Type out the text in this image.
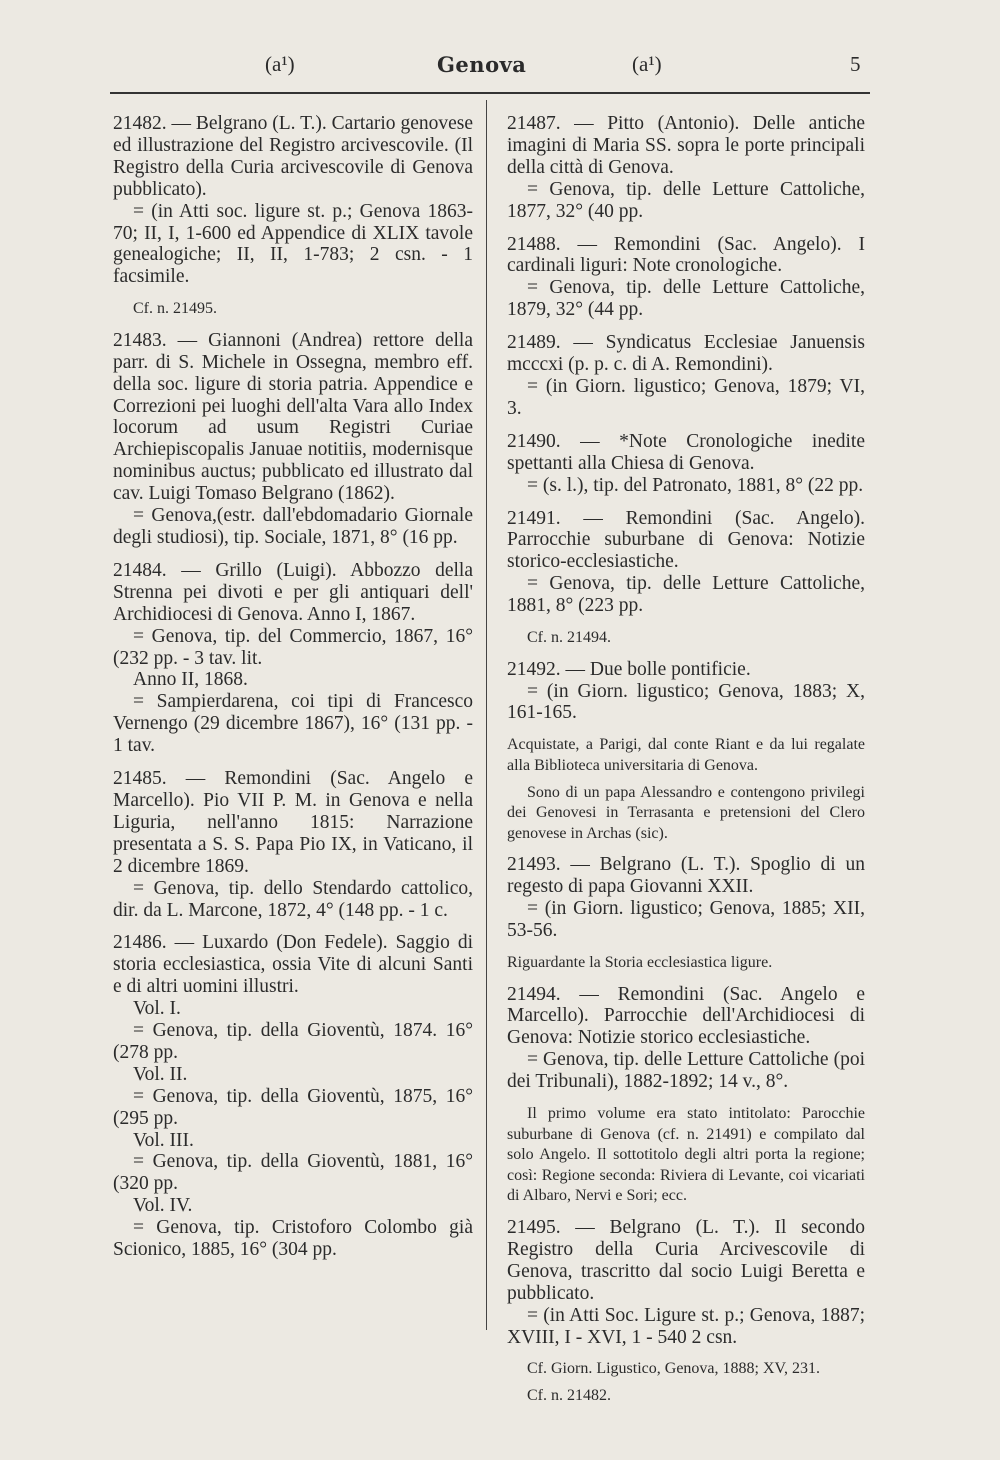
(a¹)	Genova	(a¹)	5

21482. — Belgrano (L. T.). Cartario genovese ed illustrazione del Registro arcivescovile. (Il Registro della Curia arcivescovile di Genova pubblicato).

= (in Atti soc. ligure st. p.; Genova 1863-70; II, I, 1-600 ed Appendice di XLIX tavole genealogiche; II, II, 1-783; 2 csn. - 1 facsimile.

Cf. n. 21495.

21483. — Giannoni (Andrea) rettore della parr. di S. Michele in Ossegna, membro eff. della soc. ligure di storia patria. Appendice e Correzioni pei luoghi dell'alta Vara allo Index locorum ad usum Registri Curiae Archiepiscopalis Januae notitiis, modernisque nominibus auctus; pubblicato ed illustrato dal cav. Luigi Tomaso Belgrano (1862).

= Genova,(estr. dall'ebdomadario Giornale degli studiosi), tip. Sociale, 1871, 8° (16 pp.

21484. — Grillo (Luigi). Abbozzo della Strenna pei divoti e per gli antiquari dell' Archidiocesi di Genova. Anno I, 1867.

= Genova, tip. del Commercio, 1867, 16° (232 pp. - 3 tav. lit.

Anno II, 1868.

= Sampierdarena, coi tipi di Francesco Vernengo (29 dicembre 1867), 16° (131 pp. - 1 tav.

21485. — Remondini (Sac. Angelo e Marcello). Pio VII P. M. in Genova e nella Liguria, nell'anno 1815: Narrazione presentata a S. S. Papa Pio IX, in Vaticano, il 2 dicembre 1869.

= Genova, tip. dello Stendardo cattolico, dir. da L. Marcone, 1872, 4° (148 pp. - 1 c.

21486. — Luxardo (Don Fedele). Saggio di storia ecclesiastica, ossia Vite di alcuni Santi e di altri uomini illustri.

Vol. I.

= Genova, tip. della Gioventù, 1874. 16° (278 pp.

Vol. II.

= Genova, tip. della Gioventù, 1875, 16° (295 pp.

Vol. III.

= Genova, tip. della Gioventù, 1881, 16° (320 pp.

Vol. IV.

= Genova, tip. Cristoforo Colombo già Scionico, 1885, 16° (304 pp.

21487. — Pitto (Antonio). Delle antiche imagini di Maria SS. sopra le porte principali della città di Genova.

= Genova, tip. delle Letture Cattoliche, 1877, 32° (40 pp.

21488. — Remondini (Sac. Angelo). I cardinali liguri: Note cronologiche.

= Genova, tip. delle Letture Cattoliche, 1879, 32° (44 pp.

21489. — Syndicatus Ecclesiae Januensis mcccxi (p. p. c. di A. Remondini).

= (in Giorn. ligustico; Genova, 1879; VI, 3.

21490. — *Note Cronologiche inedite spettanti alla Chiesa di Genova.

= (s. l.), tip. del Patronato, 1881, 8° (22 pp.

21491. — Remondini (Sac. Angelo). Parrocchie suburbane di Genova: Notizie storico-ecclesiastiche.

= Genova, tip. delle Letture Cattoliche, 1881, 8° (223 pp.

Cf. n. 21494.

21492. — Due bolle pontificie.

= (in Giorn. ligustico; Genova, 1883; X, 161-165.

Acquistate, a Parigi, dal conte Riant e da lui regalate alla Biblioteca universitaria di Genova.
Sono di un papa Alessandro e contengono privilegi dei Genovesi in Terrasanta e pretensioni del Clero genovese in Archas (sic).

21493. — Belgrano (L. T.). Spoglio di un regesto di papa Giovanni XXII.

= (in Giorn. ligustico; Genova, 1885; XII, 53-56.

Riguardante la Storia ecclesiastica ligure.

21494. — Remondini (Sac. Angelo e Marcello). Parrocchie dell'Archidiocesi di Genova: Notizie storico ecclesiastiche.

= Genova, tip. delle Letture Cattoliche (poi dei Tribunali), 1882-1892; 14 v., 8°.

Il primo volume era stato intitolato: Parocchie suburbane di Genova (cf. n. 21491) e compilato dal solo Angelo. Il sottotitolo degli altri porta la regione; così: Regione seconda: Riviera di Levante, coi vicariati di Albaro, Nervi e Sori; ecc.

21495. — Belgrano (L. T.). Il secondo Registro della Curia Arcivescovile di Genova, trascritto dal socio Luigi Beretta e pubblicato.

= (in Atti Soc. Ligure st. p.; Genova, 1887; XVIII, I - XVI, 1 - 540 2 csn.

Cf. Giorn. Ligustico, Genova, 1888; XV, 231.
Cf. n. 21482.
